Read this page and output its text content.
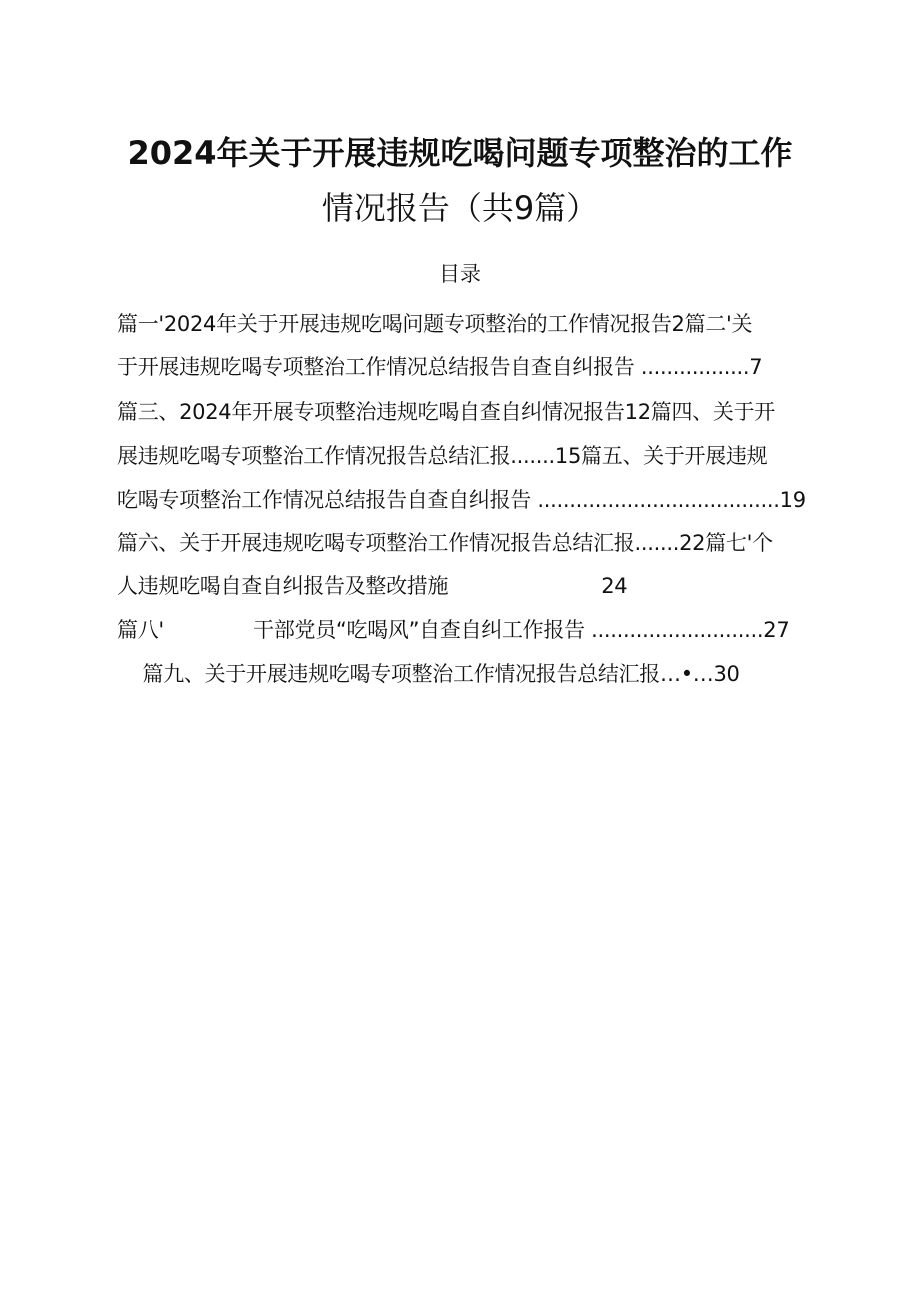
2024年关于开展违规吃喝问题专项整治的工作
情况报告（共9篇）
目录
篇一'2024年关于开展违规吃喝问题专项整治的工作情况报告2篇二'关
于开展违规吃喝专项整治工作情况总结报告自查自纠报告 .................7
篇三、2024年开展专项整治违规吃喝自查自纠情况报告12篇四、关于开
展违规吃喝专项整治工作情况报告总结汇报.......15篇五、关于开展违规
吃喝专项整治工作情况总结报告自查自纠报告 ......................................19
篇六、关于开展违规吃喝专项整治工作情况报告总结汇报.......22篇七'个
人违规吃喝自查自纠报告及整改措施                        24
篇八'              干部党员“吃喝风”自查自纠工作报告 ...........................27
篇九、关于开展违规吃喝专项整治工作情况报告总结汇报…•…30
